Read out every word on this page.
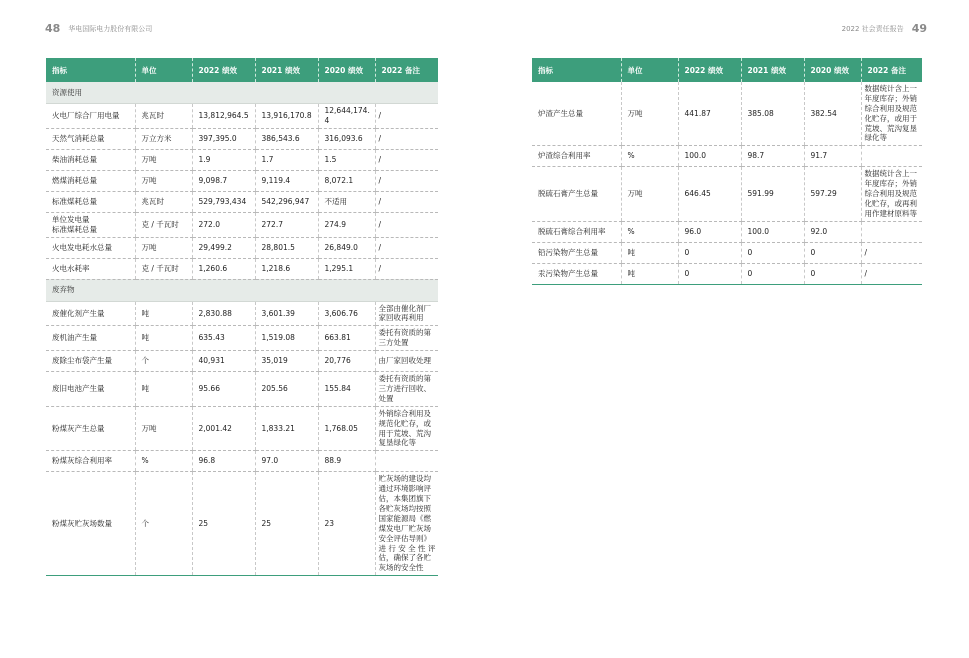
48 华电国际电力股份有限公司	2022 社会责任报告 49
指标	单位	2022 绩效	2021 绩效	2020 绩效	2022 备注
资源使用					
火电厂综合厂用电量	兆瓦时	13,812,964.5	13,916,170.8	12,644,174.4	/
天然气消耗总量	万立方米	397,395.0	386,543.6	316,093.6	/
柴油消耗总量	万吨	1.9	1.7	1.5	/
燃煤消耗总量	万吨	9,098.7	9,119.4	8,072.1	/
标准煤耗总量	兆瓦时	529,793,434	542,296,947	不适用	/
单位发电量
标准煤耗总量	克 / 千瓦时	272.0	272.7	274.9	/
火电发电耗水总量	万吨	29,499.2	28,801.5	26,849.0	/
火电水耗率	克 / 千瓦时	1,260.6	1,218.6	1,295.1	/
废弃物					
废催化剂产生量	吨	2,830.88	3,601.39	3,606.76	全部由催化剂厂家回收再利用
废机油产生量	吨	635.43	1,519.08	663.81	委托有资质的第三方处置
废除尘布袋产生量	个	40,931	35,019	20,776	由厂家回收处理
废旧电池产生量	吨	95.66	205.56	155.84	委托有资质的第三方进行回收、处置
粉煤灰产生总量	万吨	2,001.42	1,833.21	1,768.05	外销综合利用及规范化贮存，或用于荒坡、荒沟复垦绿化等
粉煤灰综合利用率	%	96.8	97.0	88.9	
粉煤灰贮灰场数量	个	25	25	23	贮灰场的建设均通过环境影响评估，本集团旗下各贮灰场均按照国家能源局《燃煤发电厂贮灰场安全评估导则》进 行 安 全 性 评估，确保了各贮灰场的安全性
指标	单位	2022 绩效	2021 绩效	2020 绩效	2022 备注
炉渣产生总量	万吨	441.87	385.08	382.54	数据统计含上一年度库存；外销综合利用及规范化贮存，或用于荒坡、荒沟复垦绿化等
炉渣综合利用率	%	100.0	98.7	91.7	
脱硫石膏产生总量	万吨	646.45	591.99	597.29	数据统计含上一年度库存；外销综合利用及规范化贮存，或再利用作建材原料等
脱硫石膏综合利用率	%	96.0	100.0	92.0	
铅污染物产生总量	吨	0	0	0	/
汞污染物产生总量	吨	0	0	0	/
